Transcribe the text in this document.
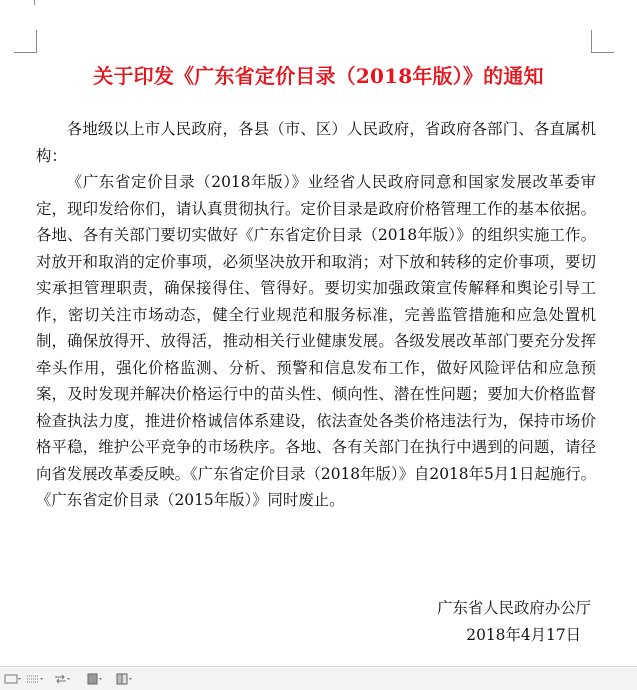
关于印发《广东省定价目录（2018年版）》的通知

各地级以上市人民政府，各县（市、区）人民政府，省政府各部门、各直属机构：

《广东省定价目录（2018年版）》业经省人民政府同意和国家发展改革委审定，现印发给你们，请认真贯彻执行。定价目录是政府价格管理工作的基本依据。各地、各有关部门要切实做好《广东省定价目录（2018年版）》的组织实施工作。对放开和取消的定价事项，必须坚决放开和取消；对下放和转移的定价事项，要切实承担管理职责，确保接得住、管得好。要切实加强政策宣传解释和舆论引导工作，密切关注市场动态，健全行业规范和服务标准，完善监管措施和应急处置机制，确保放得开、放得活，推动相关行业健康发展。各级发展改革部门要充分发挥牵头作用，强化价格监测、分析、预警和信息发布工作，做好风险评估和应急预案，及时发现并解决价格运行中的苗头性、倾向性、潜在性问题；要加大价格监督检查执法力度，推进价格诚信体系建设，依法查处各类价格违法行为，保持市场价格平稳，维护公平竞争的市场秩序。各地、各有关部门在执行中遇到的问题，请径向省发展改革委反映。《广东省定价目录（2018年版）》自2018年5月1日起施行。《广东省定价目录（2015年版）》同时废止。

广东省人民政府办公厅
2018年4月17日
